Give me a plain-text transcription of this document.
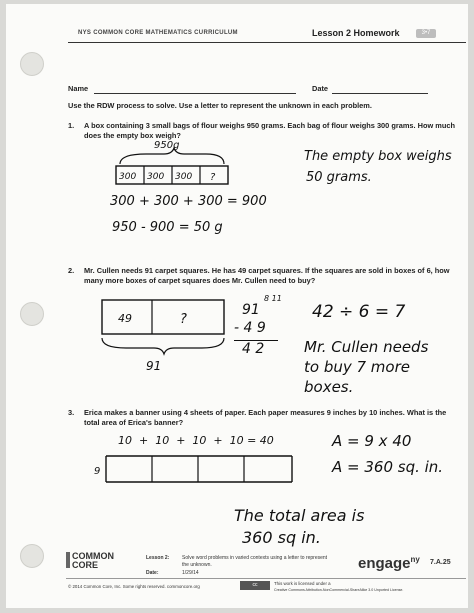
NYS COMMON CORE MATHEMATICS CURRICULUM	Lesson 2 Homework	3•7
Name	Date
Use the RDW process to solve. Use a letter to represent the unknown in each problem.
1. A box containing 3 small bags of flour weighs 950 grams. Each bag of flour weighs 300 grams. How much
does the empty box weigh?
950g
300 300 300 ?
300 + 300 + 300 = 900
950 - 900 = 50 g
The empty box weighs
50 grams.
2. Mr. Cullen needs 91 carpet squares. He has 49 carpet squares. If the squares are sold in boxes of 6, how
many more boxes of carpet squares does Mr. Cullen need to buy?
49	?
91
8 11
91
- 4 9
4 2
42 ÷ 6 = 7
Mr. Cullen needs
to buy 7 more
boxes.
3. Erica makes a banner using 4 sheets of paper. Each paper measures 9 inches by 10 inches. What is the
total area of Erica's banner?
10  +  10  +  10  +  10 = 40
9
A = 9 x 40
A = 360 sq. in.
The total area is
360 sq in.
COMMON
CORE
Lesson 2:	Solve word problems in varied contexts using a letter to represent
the unknown.
Date:	1/29/14
© 2014 Common Core, Inc. Some rights reserved. commoncore.org	cc	This work is licensed under a
Creative Commons Attribution-NonCommercial-ShareAlike 3.0 Unported License.
engage$^{ny}$ 7.A.25
